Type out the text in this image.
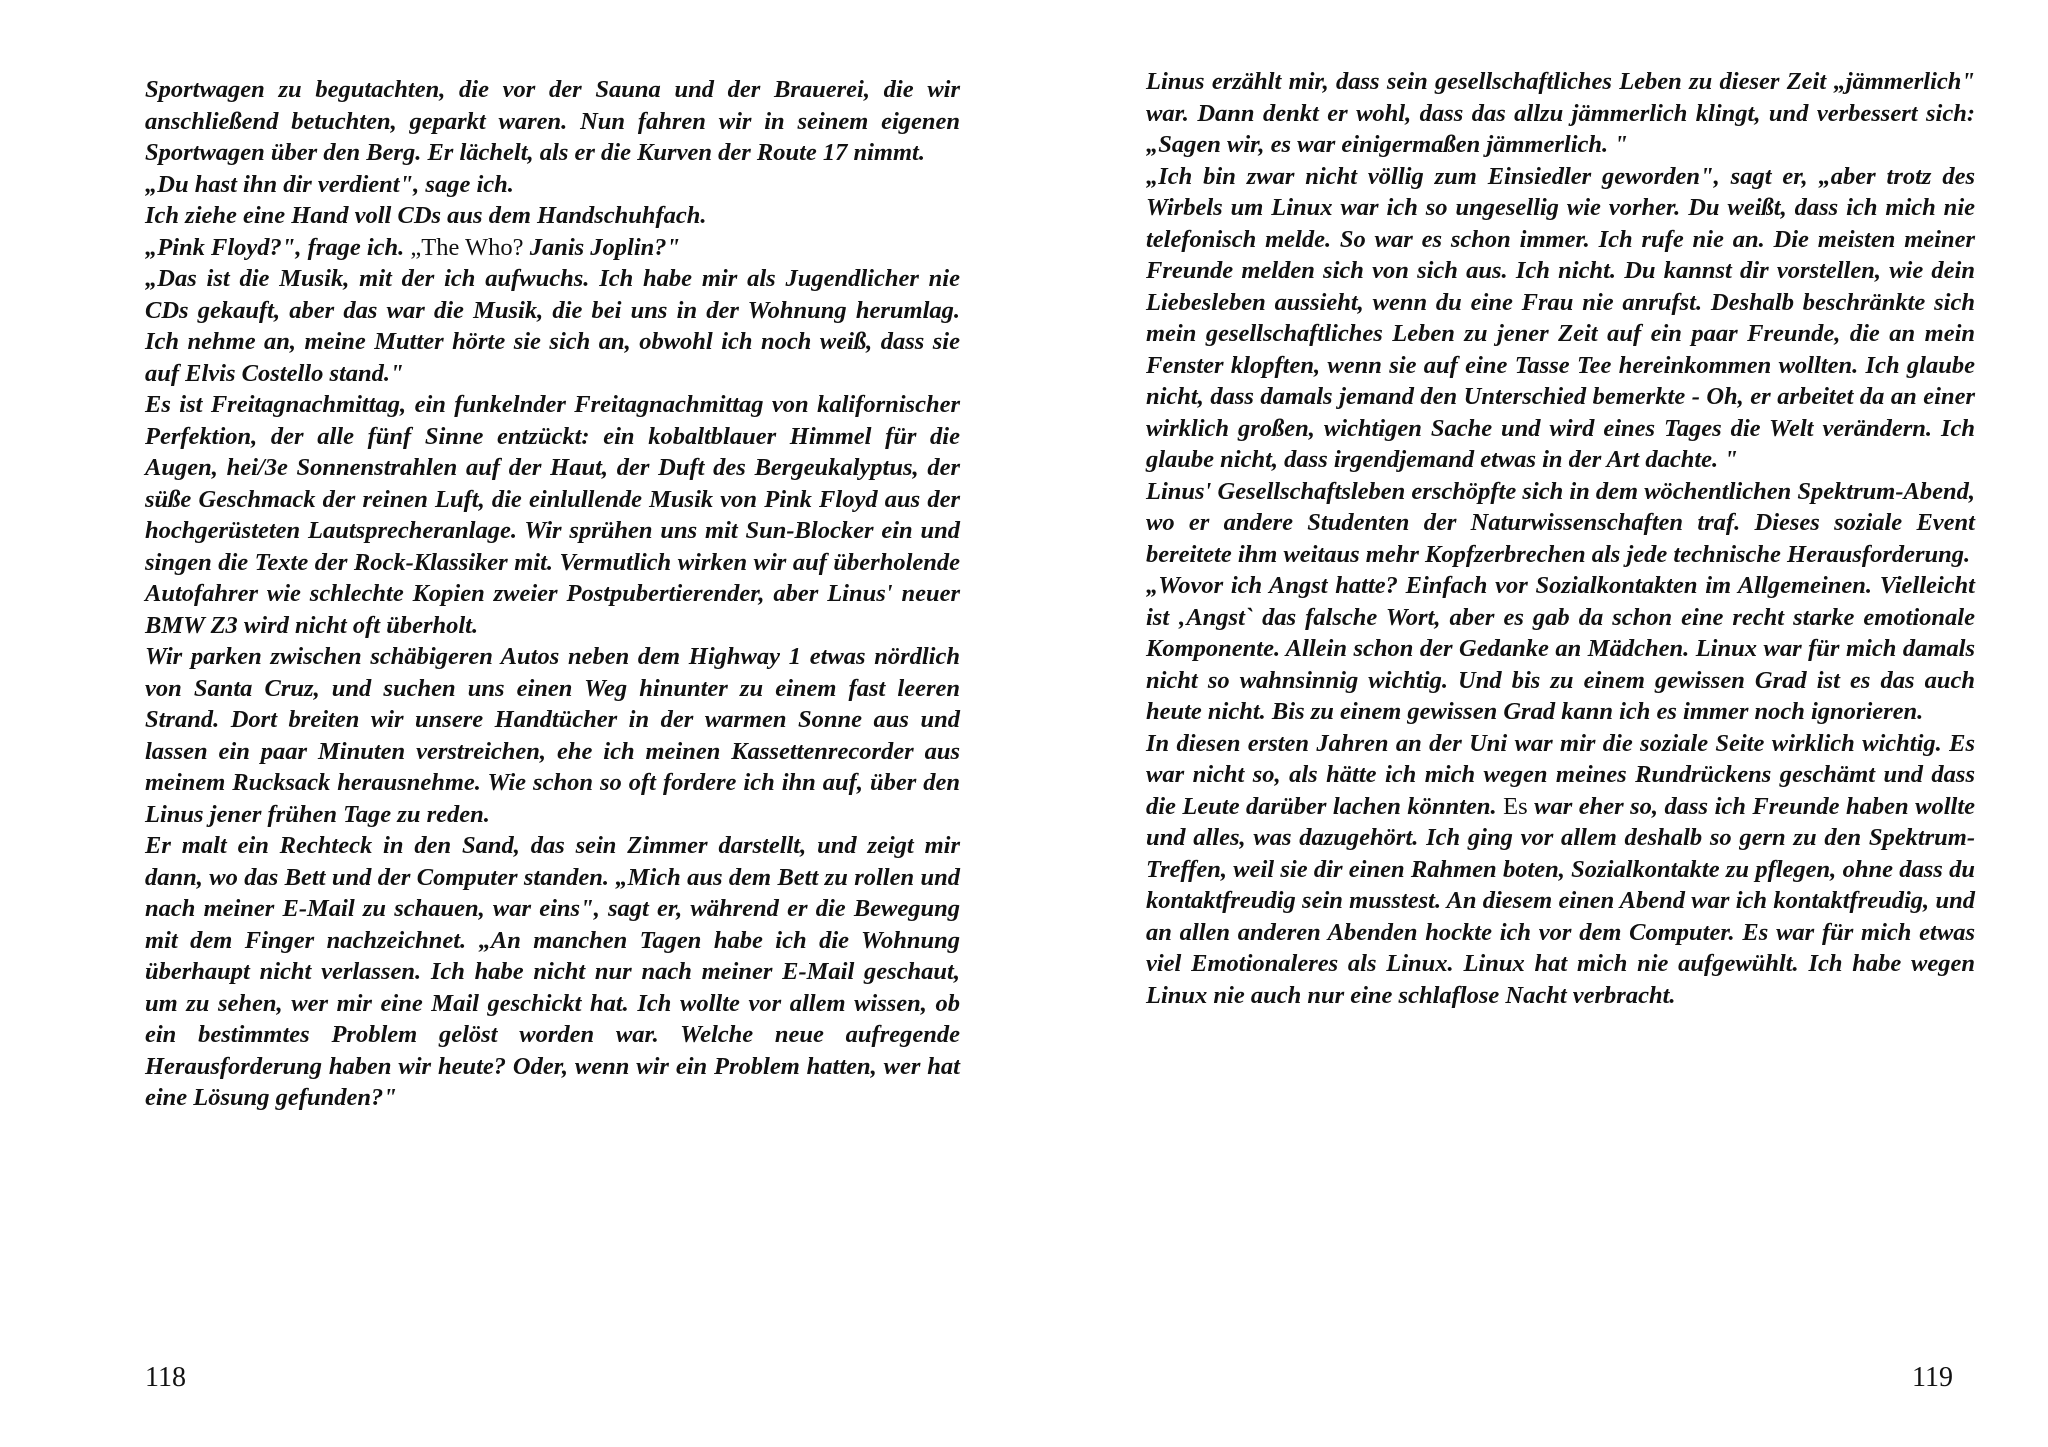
Sportwagen zu begutachten, die vor der Sauna und der Brauerei, die wir anschließend betuchten, geparkt waren. Nun fahren wir in seinem eigenen Sportwagen über den Berg. Er lächelt, als er die Kurven der Route 17 nimmt.

„Du hast ihn dir verdient", sage ich.

Ich ziehe eine Hand voll CDs aus dem Handschuhfach.

„Pink Floyd?", frage ich. „The Who? Janis Joplin?"

„Das ist die Musik, mit der ich aufwuchs. Ich habe mir als Jugendlicher nie CDs gekauft, aber das war die Musik, die bei uns in der Wohnung herumlag. Ich nehme an, meine Mutter hörte sie sich an, obwohl ich noch weiß, dass sie auf Elvis Costello stand."

Es ist Freitagnachmittag, ein funkelnder Freitagnachmittag von kalifornischer Perfektion, der alle fünf Sinne entzückt: ein kobaltblauer Himmel für die Augen, hei/3e Sonnenstrahlen auf der Haut, der Duft des Bergeukalyptus, der süße Geschmack der reinen Luft, die einlullende Musik von Pink Floyd aus der hochgerüsteten Lautsprecheranlage. Wir sprühen uns mit Sun-Blocker ein und singen die Texte der Rock-Klassiker mit. Vermutlich wirken wir auf überholende Autofahrer wie schlechte Kopien zweier Postpubertierender, aber Linus' neuer BMW Z3 wird nicht oft überholt.

Wir parken zwischen schäbigeren Autos neben dem Highway 1 etwas nördlich von Santa Cruz, und suchen uns einen Weg hinunter zu einem fast leeren Strand. Dort breiten wir unsere Handtücher in der warmen Sonne aus und lassen ein paar Minuten verstreichen, ehe ich meinen Kassettenrecorder aus meinem Rucksack herausnehme. Wie schon so oft fordere ich ihn auf, über den Linus jener frühen Tage zu reden.

Er malt ein Rechteck in den Sand, das sein Zimmer darstellt, und zeigt mir dann, wo das Bett und der Computer standen. „Mich aus dem Bett zu rollen und nach meiner E-Mail zu schauen, war eins", sagt er, während er die Bewegung mit dem Finger nachzeichnet. „An manchen Tagen habe ich die Wohnung überhaupt nicht verlassen. Ich habe nicht nur nach meiner E-Mail geschaut, um zu sehen, wer mir eine Mail geschickt hat. Ich wollte vor allem wissen, ob ein bestimmtes Problem gelöst worden war. Welche neue aufregende Herausforderung haben wir heute? Oder, wenn wir ein Problem hatten, wer hat eine Lösung gefunden?"

118

Linus erzählt mir, dass sein gesellschaftliches Leben zu dieser Zeit „jämmerlich" war. Dann denkt er wohl, dass das allzu jämmerlich klingt, und verbessert sich: „Sagen wir, es war einigermaßen jämmerlich. "

„Ich bin zwar nicht völlig zum Einsiedler geworden", sagt er, „aber trotz des Wirbels um Linux war ich so ungesellig wie vorher. Du weißt, dass ich mich nie telefonisch melde. So war es schon immer. Ich rufe nie an. Die meisten meiner Freunde melden sich von sich aus. Ich nicht. Du kannst dir vorstellen, wie dein Liebesleben aussieht, wenn du eine Frau nie anrufst. Deshalb beschränkte sich mein gesellschaftliches Leben zu jener Zeit auf ein paar Freunde, die an mein Fenster klopften, wenn sie auf eine Tasse Tee hereinkommen wollten. Ich glaube nicht, dass damals jemand den Unterschied bemerkte - Oh, er arbeitet da an einer wirklich großen, wichtigen Sache und wird eines Tages die Welt verändern. Ich glaube nicht, dass irgendjemand etwas in der Art dachte. "

Linus' Gesellschaftsleben erschöpfte sich in dem wöchentlichen Spektrum-Abend, wo er andere Studenten der Naturwissenschaften traf. Dieses soziale Event bereitete ihm weitaus mehr Kopfzerbrechen als jede technische Herausforderung.

„Wovor ich Angst hatte? Einfach vor Sozialkontakten im Allgemeinen. Vielleicht ist ‚Angst` das falsche Wort, aber es gab da schon eine recht starke emotionale Komponente. Allein schon der Gedanke an Mädchen. Linux war für mich damals nicht so wahnsinnig wichtig. Und bis zu einem gewissen Grad ist es das auch heute nicht. Bis zu einem gewissen Grad kann ich es immer noch ignorieren.

In diesen ersten Jahren an der Uni war mir die soziale Seite wirklich wichtig. Es war nicht so, als hätte ich mich wegen meines Rundrückens geschämt und dass die Leute darüber lachen könnten. Es war eher so, dass ich Freunde haben wollte und alles, was dazugehört. Ich ging vor allem deshalb so gern zu den Spektrum-Treffen, weil sie dir einen Rahmen boten, Sozialkontakte zu pflegen, ohne dass du kontaktfreudig sein musstest. An diesem einen Abend war ich kontaktfreudig, und an allen anderen Abenden hockte ich vor dem Computer. Es war für mich etwas viel Emotionaleres als Linux. Linux hat mich nie aufgewühlt. Ich habe wegen Linux nie auch nur eine schlaflose Nacht verbracht.

119
